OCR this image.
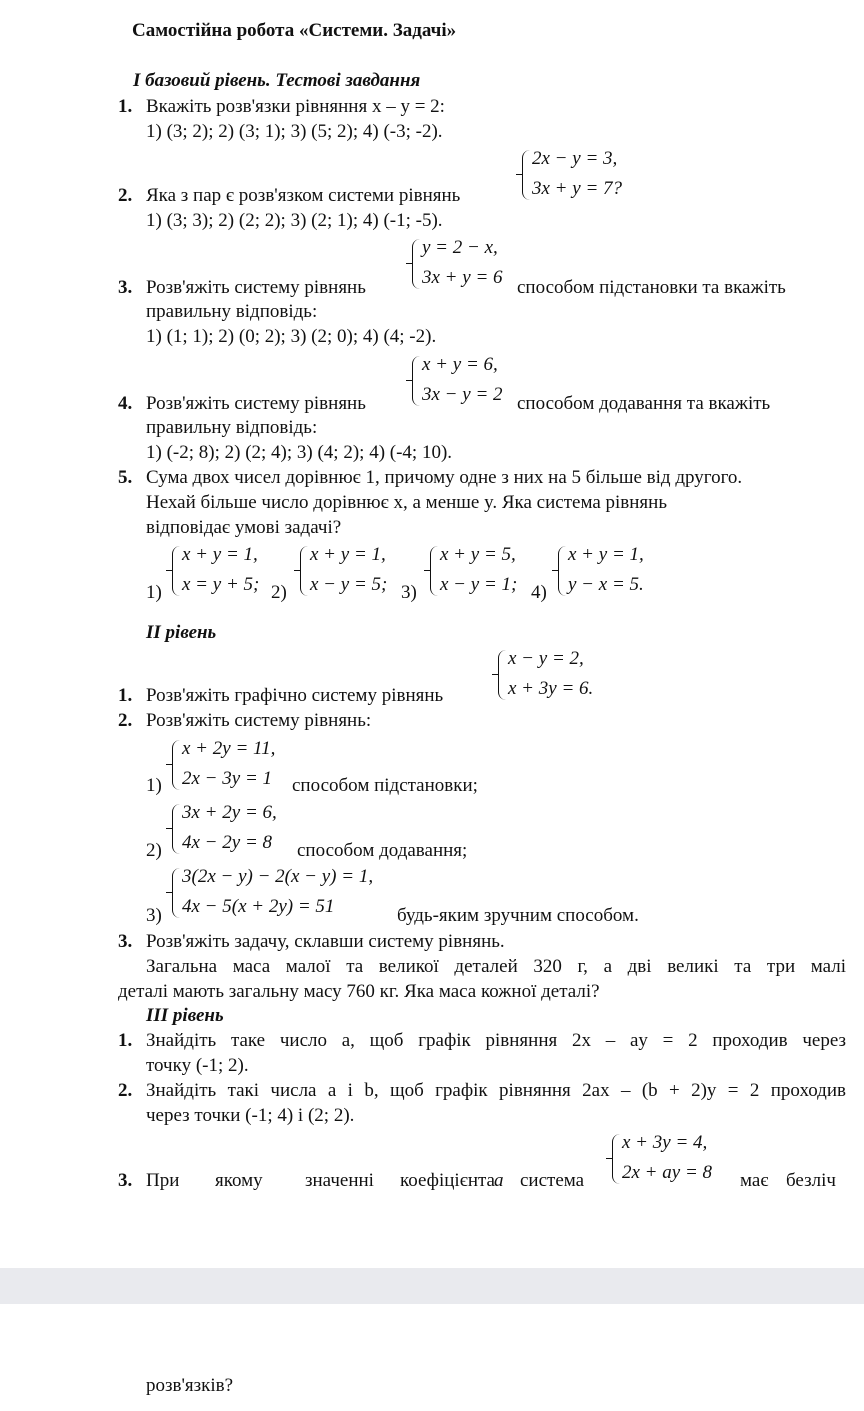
Самостійна робота «Системи. Задачі»
І базовий рівень. Тестові завдання
1. Вкажіть розв'язки рівняння x – y = 2:
1) (3; 2); 2) (3; 1); 3) (5; 2); 4) (-3; -2).
2x − y = 3,
3x + y = 7?
2. Яка з пар є розв'язком системи рівнянь
1) (3; 3); 2) (2; 2); 3) (2; 1); 4) (-1; -5).
y = 2 − x,
3x + y = 6
3. Розв'яжіть систему рівнянь	способом підстановки та вкажіть
правильну відповідь:
1) (1; 1); 2) (0; 2); 3) (2; 0); 4) (4; -2).
x + y = 6,
3x − y = 2
4. Розв'яжіть систему рівнянь	способом додавання та вкажіть
правильну відповідь:
1) (-2; 8); 2) (2; 4); 3) (4; 2); 4) (-4; 10).
5. Сума двох чисел дорівнює 1, причому одне з них на 5 більше від другого.
Нехай більше число дорівнює x, а менше y. Яка система рівнянь
відповідає умові задачі?
1)
x + y = 1,
x = y + 5; 2)
x + y = 1,
x − y = 5; 3)
x + y = 5,
x − y = 1; 4)
x + y = 1,
y − x = 5.
ІІ рівень
x − y = 2,
x + 3y = 6.
1. Розв'яжіть графічно систему рівнянь
2. Розв'яжіть систему рівнянь:
1)
x + 2y = 11,
2x − 3y = 1 способом підстановки;
2)
3x + 2y = 6,
4x − 2y = 8 способом додавання;
3)
3(2x − y) − 2(x − y) = 1,
4x − 5(x + 2y) = 51	будь-яким зручним способом.
3. Розв'яжіть задачу, склавши систему рівнянь.
Загальна маса малої та великої деталей 320 г, а дві великі та три малі
деталі мають загальну масу 760 кг. Яка маса кожної деталі?
ІІІ рівень
1. Знайдіть таке число a, щоб графік рівняння 2x – ay = 2 проходив через
точку (-1; 2).
2. Знайдіть такі числа a і b, щоб графік рівняння 2ax – (b + 2)y = 2 проходив
через точки (-1; 4) і (2; 2).
x + 3y = 4,
2x + ay = 8
3. При якому значенні коефіцієнта a система	має безліч
розв'язків?
